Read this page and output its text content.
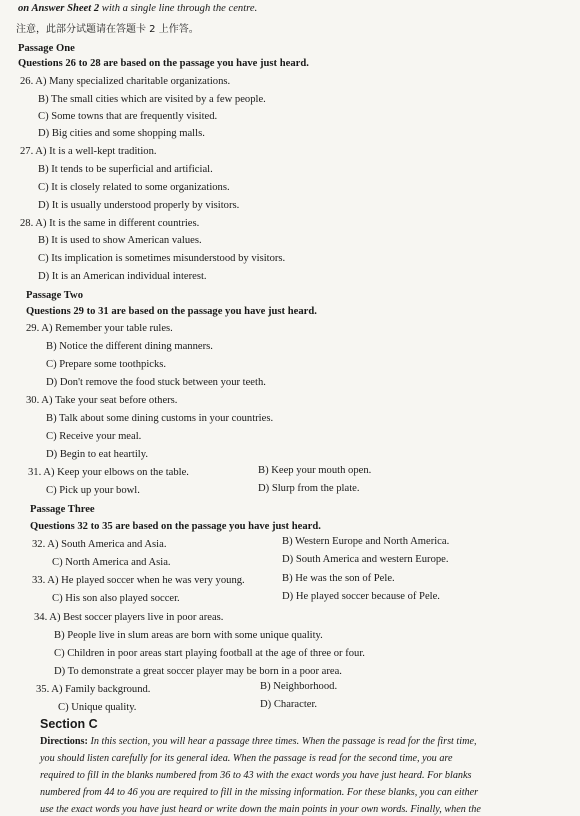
on Answer Sheet 2 with a single line through the centre.
注意，此部分试题请在答题卡 2 上作答。
Passage One
Questions 26 to 28 are based on the passage you have just heard.
26. A) Many specialized charitable organizations.
B) The small cities which are visited by a few people.
C) Some towns that are frequently visited.
D) Big cities and some shopping malls.
27. A) It is a well-kept tradition.
B) It tends to be superficial and artificial.
C) It is closely related to some organizations.
D) It is usually understood properly by visitors.
28. A) It is the same in different countries.
B) It is used to show American values.
C) Its implication is sometimes misunderstood by visitors.
D) It is an American individual interest.
Passage Two
Questions 29 to 31 are based on the passage you have just heard.
29. A) Remember your table rules.
B) Notice the different dining manners.
C) Prepare some toothpicks.
D) Don't remove the food stuck between your teeth.
30. A) Take your seat before others.
B) Talk about some dining customs in your countries.
C) Receive your meal.
D) Begin to eat heartily.
31. A) Keep your elbows on the table.	B) Keep your mouth open.
C) Pick up your bowl.	D) Slurp from the plate.
Passage Three
Questions 32 to 35 are based on the passage you have just heard.
32. A) South America and Asia.	B) Western Europe and North America.
C) North America and Asia.	D) South America and western Europe.
33. A) He played soccer when he was very young.	B) He was the son of Pele.
C) His son also played soccer.	D) He played soccer because of Pele.
34. A) Best soccer players live in poor areas.
B) People live in slum areas are born with some unique quality.
C) Children in poor areas start playing football at the age of three or four.
D) To demonstrate a great soccer player may be born in a poor area.
35. A) Family background.	B) Neighborhood.
C) Unique quality.	D) Character.
Section C
Directions: In this section, you will hear a passage three times. When the passage is read for the first time,
you should listen carefully for its general idea. When the passage is read for the second time, you are
required to fill in the blanks numbered from 36 to 43 with the exact words you have just heard. For blanks
numbered from 44 to 46 you are required to fill in the missing information. For these blanks, you can either
use the exact words you have just heard or write down the main points in your own words. Finally, when the
